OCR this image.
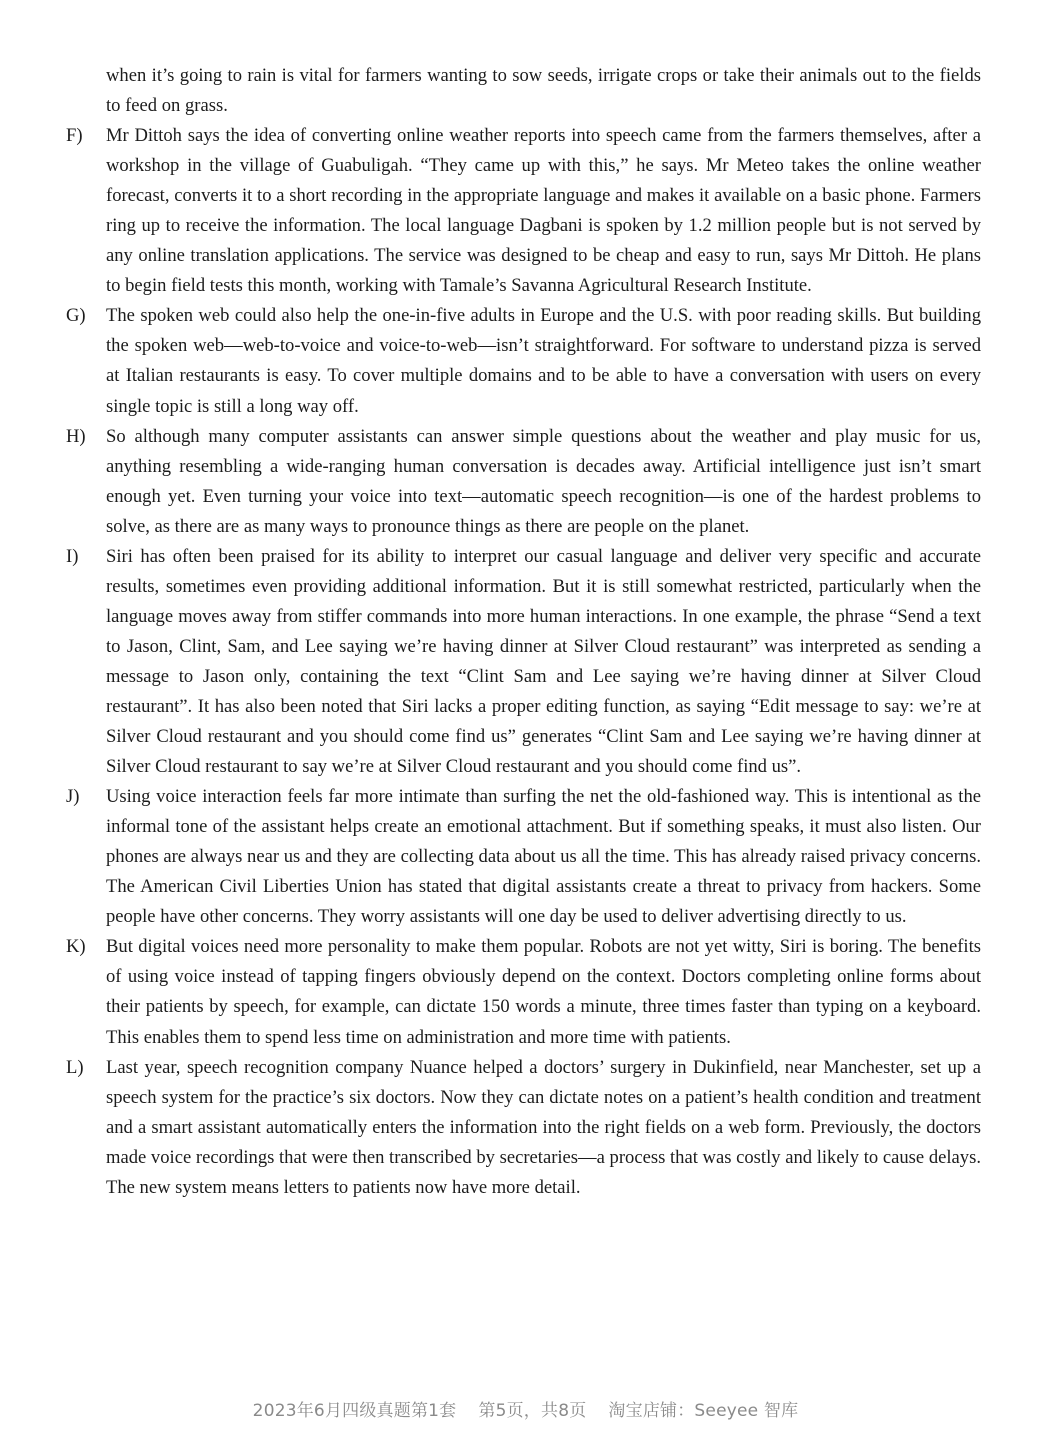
when it’s going to rain is vital for farmers wanting to sow seeds, irrigate crops or take their animals out to the fields to feed on grass.
F)	Mr Dittoh says the idea of converting online weather reports into speech came from the farmers themselves, after a workshop in the village of Guabuligah. “They came up with this,” he says. Mr Meteo takes the online weather forecast, converts it to a short recording in the appropriate language and makes it available on a basic phone. Farmers ring up to receive the information. The local language Dagbani is spoken by 1.2 million people but is not served by any online translation applications. The service was designed to be cheap and easy to run, says Mr Dittoh. He plans to begin field tests this month, working with Tamale’s Savanna Agricultural Research Institute.
G)	The spoken web could also help the one-in-five adults in Europe and the U.S. with poor reading skills. But building the spoken web—web-to-voice and voice-to-web—isn’t straightforward. For software to understand pizza is served at Italian restaurants is easy. To cover multiple domains and to be able to have a conversation with users on every single topic is still a long way off.
H)	So although many computer assistants can answer simple questions about the weather and play music for us, anything resembling a wide-ranging human conversation is decades away. Artificial intelligence just isn’t smart enough yet. Even turning your voice into text—automatic speech recognition—is one of the hardest problems to solve, as there are as many ways to pronounce things as there are people on the planet.
I)	Siri has often been praised for its ability to interpret our casual language and deliver very specific and accurate results, sometimes even providing additional information. But it is still somewhat restricted, particularly when the language moves away from stiffer commands into more human interactions. In one example, the phrase “Send a text to Jason, Clint, Sam, and Lee saying we’re having dinner at Silver Cloud restaurant” was interpreted as sending a message to Jason only, containing the text “Clint Sam and Lee saying we’re having dinner at Silver Cloud restaurant”. It has also been noted that Siri lacks a proper editing function, as saying “Edit message to say: we’re at Silver Cloud restaurant and you should come find us” generates “Clint Sam and Lee saying we’re having dinner at Silver Cloud restaurant to say we’re at Silver Cloud restaurant and you should come find us”.
J)	Using voice interaction feels far more intimate than surfing the net the old-fashioned way. This is intentional as the informal tone of the assistant helps create an emotional attachment. But if something speaks, it must also listen. Our phones are always near us and they are collecting data about us all the time. This has already raised privacy concerns. The American Civil Liberties Union has stated that digital assistants create a threat to privacy from hackers. Some people have other concerns. They worry assistants will one day be used to deliver advertising directly to us.
K)	But digital voices need more personality to make them popular. Robots are not yet witty, Siri is boring. The benefits of using voice instead of tapping fingers obviously depend on the context. Doctors completing online forms about their patients by speech, for example, can dictate 150 words a minute, three times faster than typing on a keyboard. This enables them to spend less time on administration and more time with patients.
L)	Last year, speech recognition company Nuance helped a doctors’ surgery in Dukinfield, near Manchester, set up a speech system for the practice’s six doctors. Now they can dictate notes on a patient’s health condition and treatment and a smart assistant automatically enters the information into the right fields on a web form. Previously, the doctors made voice recordings that were then transcribed by secretaries—a process that was costly and likely to cause delays. The new system means letters to patients now have more detail.
2023年6月四级真题第1套 第5页，共8页 淘宝店铺：Seeyee 智库
